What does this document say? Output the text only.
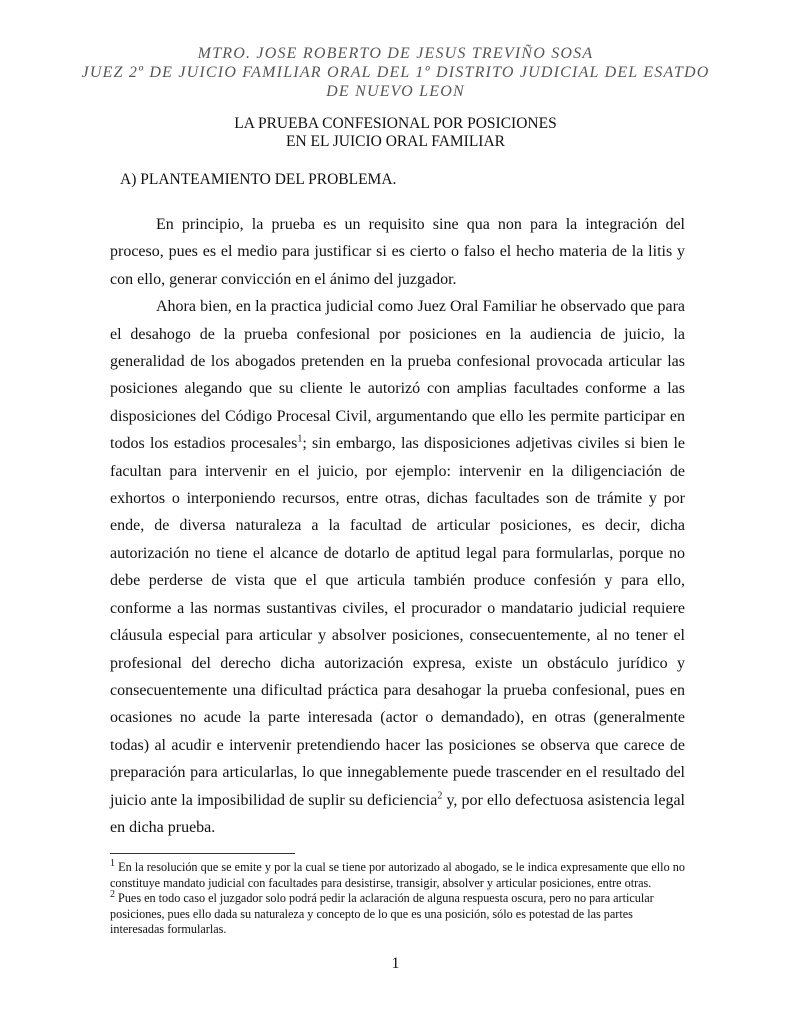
MTRO. JOSE ROBERTO DE JESUS TREVIÑO SOSA
JUEZ 2º DE JUICIO FAMILIAR ORAL DEL 1º DISTRITO JUDICIAL DEL ESATDO DE NUEVO LEON
LA PRUEBA CONFESIONAL POR POSICIONES
EN EL JUICIO ORAL FAMILIAR
A) PLANTEAMIENTO DEL PROBLEMA.

En principio, la prueba es un requisito sine qua non para la integración del proceso, pues es el medio para justificar si es cierto o falso el hecho materia de la litis y con ello, generar convicción en el ánimo del juzgador.

Ahora bien, en la practica judicial como Juez Oral Familiar he observado que para el desahogo de la prueba confesional por posiciones en la audiencia de juicio, la generalidad de los abogados pretenden en la prueba confesional provocada articular las posiciones alegando que su cliente le autorizó con amplias facultades conforme a las disposiciones del Código Procesal Civil, argumentando que ello les permite participar en todos los estadios procesales$^1$; sin embargo, las disposiciones adjetivas civiles si bien le facultan para intervenir en el juicio, por ejemplo: intervenir en la diligenciación de exhortos o interponiendo recursos, entre otras, dichas facultades son de trámite y por ende, de diversa naturaleza a la facultad de articular posiciones, es decir, dicha autorización no tiene el alcance de dotarlo de aptitud legal para formularlas, porque no debe perderse de vista que el que articula también produce confesión y para ello, conforme a las normas sustantivas civiles, el procurador o mandatario judicial requiere cláusula especial para articular y absolver posiciones, consecuentemente, al no tener el profesional del derecho dicha autorización expresa, existe un obstáculo jurídico y consecuentemente una dificultad práctica para desahogar la prueba confesional, pues en ocasiones no acude la parte interesada (actor o demandado), en otras (generalmente todas) al acudir e intervenir pretendiendo hacer las posiciones se observa que carece de preparación para articularlas, lo que innegablemente puede trascender en el resultado del juicio ante la imposibilidad de suplir su deficiencia$^2$ y, por ello defectuosa asistencia legal en dicha prueba.

$^1$ En la resolución que se emite y por la cual se tiene por autorizado al abogado, se le indica expresamente que ello no constituye mandato judicial con facultades para desistirse, transigir, absolver y articular posiciones, entre otras.

$^2$ Pues en todo caso el juzgador solo podrá pedir la aclaración de alguna respuesta oscura, pero no para articular posiciones, pues ello dada su naturaleza y concepto de lo que es una posición, sólo es potestad de las partes interesadas formularlas.

1
